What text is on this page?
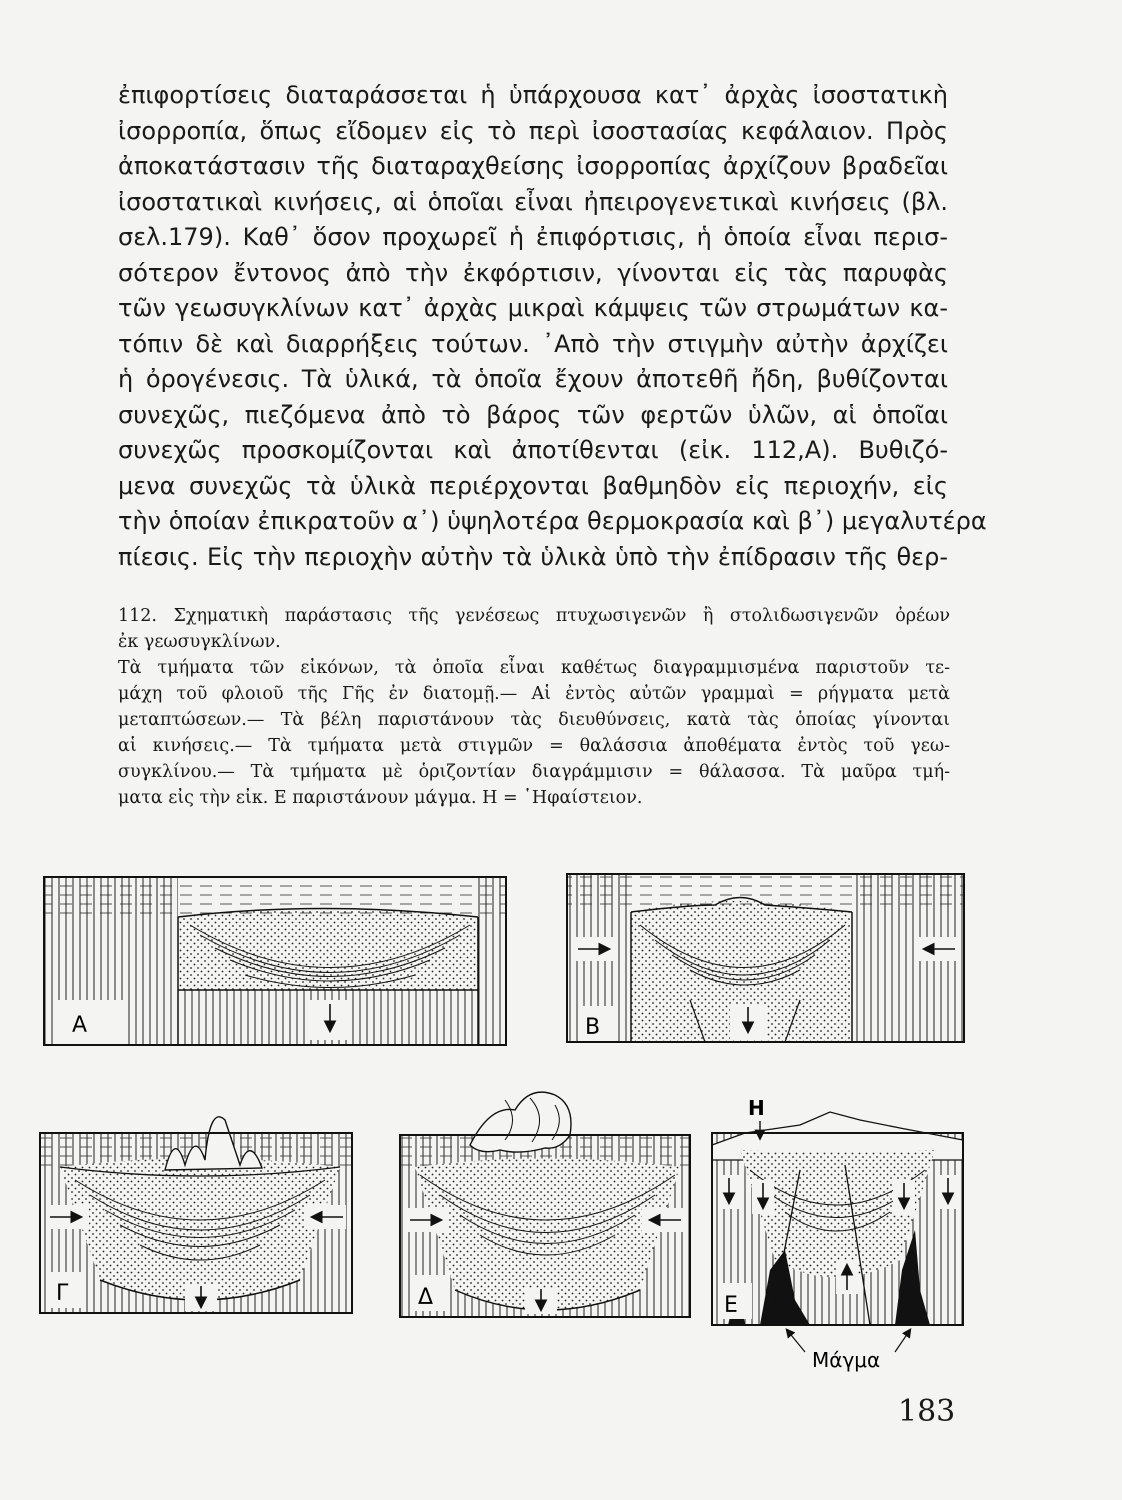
ἐπιφορτίσεις διαταράσσεται ἡ ὑπάρχουσα κατ᾿ ἀρχὰς ἰσοστατικὴ
ἰσορροπία, ὅπως εἴδομεν εἰς τὸ περὶ ἰσοστασίας κεφάλαιον. Πρὸς
ἀποκατάστασιν τῆς διαταραχθείσης ἰσορροπίας ἀρχίζουν βραδεῖαι
ἰσοστατικαὶ κινήσεις, αἱ ὁποῖαι εἶναι ἠπειρογενετικαὶ κινήσεις (βλ.
σελ.179). Καθ᾿ ὅσον προχωρεῖ ἡ ἐπιφόρτισις, ἡ ὁποία εἶναι περισ-
σότερον ἔντονος ἀπὸ τὴν ἐκφόρτισιν, γίνονται εἰς τὰς παρυφὰς
τῶν γεωσυγκλίνων κατ᾿ ἀρχὰς μικραὶ κάμψεις τῶν στρωμάτων κα-
τόπιν δὲ καὶ διαρρήξεις τούτων. ᾿Απὸ τὴν στιγμὴν αὐτὴν ἀρχίζει
ἡ ὀρογένεσις. Τὰ ὑλικά, τὰ ὁποῖα ἔχουν ἀποτεθῆ ἤδη, βυθίζονται
συνεχῶς, πιεζόμενα ἀπὸ τὸ βάρος τῶν φερτῶν ὑλῶν, αἱ ὁποῖαι
συνεχῶς προσκομίζονται καὶ ἀποτίθενται (εἰκ. 112,Α). Βυθιζό-
μενα συνεχῶς τὰ ὑλικὰ περιέρχονται βαθμηδὸν εἰς περιοχήν, εἰς
τὴν ὁποίαν ἐπικρατοῦν α᾿) ὑψηλοτέρα θερμοκρασία καὶ β᾿) μεγαλυτέρα
πίεσις. Εἰς τὴν περιοχὴν αὐτὴν τὰ ὑλικὰ ὑπὸ τὴν ἐπίδρασιν τῆς θερ-
112. Σχηματικὴ παράστασις τῆς γενέσεως πτυχωσιγενῶν ἢ στολιδωσιγενῶν ὀρέων
ἐκ γεωσυγκλίνων.
Τὰ τμήματα τῶν εἰκόνων, τὰ ὁποῖα εἶναι καθέτως διαγραμμισμένα παριστοῦν τε-
μάχη τοῦ φλοιοῦ τῆς Γῆς ἐν διατομῇ.— Αἱ ἐντὸς αὐτῶν γραμμαὶ = ρήγματα μετὰ
μεταπτώσεων.— Τὰ βέλη παριστάνουν τὰς διευθύνσεις, κατὰ τὰς ὁποίας γίνονται
αἱ κινήσεις.— Τὰ τμήματα μετὰ στιγμῶν = θαλάσσια ἀποθέματα ἐντὸς τοῦ γεω-
συγκλίνου.— Τὰ τμήματα μὲ ὁριζοντίαν διαγράμμισιν = θάλασσα. Τὰ μαῦρα τμή-
ματα εἰς τὴν εἰκ. Ε παριστάνουν μάγμα. Η = ῾Ηφαίστειον.
Α	Β
Γ	Δ	Ε
Η
Μάγμα
183
